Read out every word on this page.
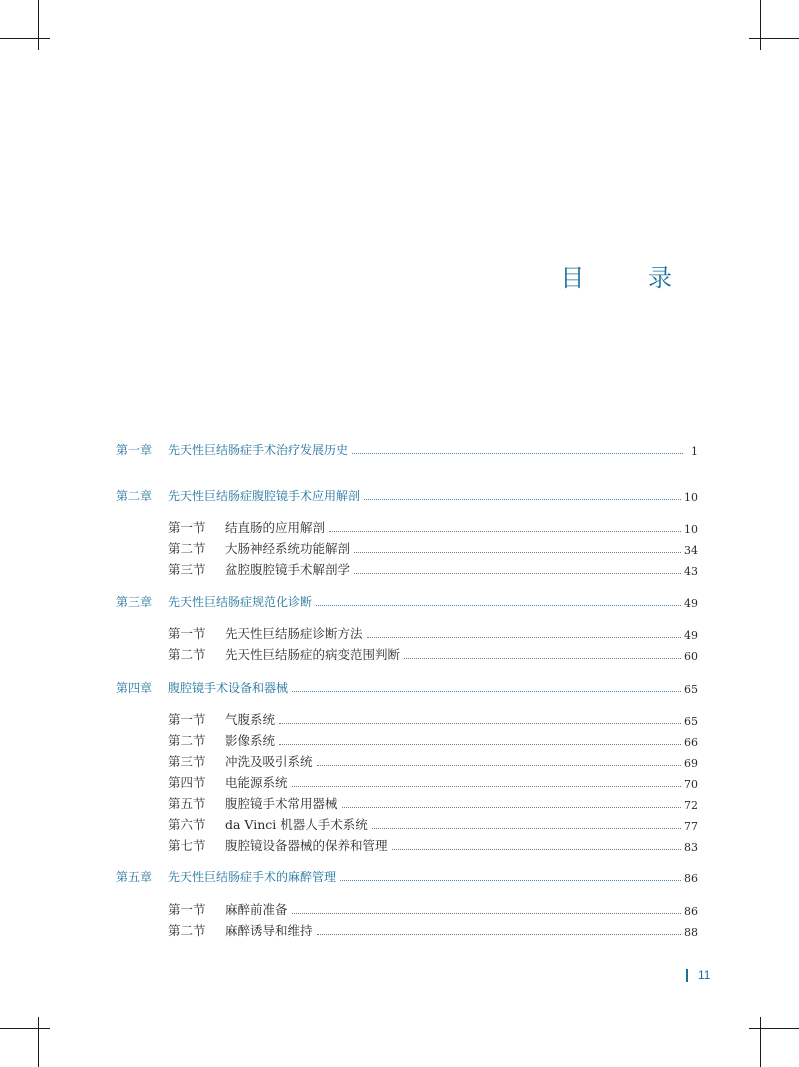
目 录
第一章	先天性巨结肠症手术治疗发展历史	1
第二章	先天性巨结肠症腹腔镜手术应用解剖	10
第一节	结直肠的应用解剖	10
第二节	大肠神经系统功能解剖	34
第三节	盆腔腹腔镜手术解剖学	43
第三章	先天性巨结肠症规范化诊断	49
第一节	先天性巨结肠症诊断方法	49
第二节	先天性巨结肠症的病变范围判断	60
第四章	腹腔镜手术设备和器械	65
第一节	气腹系统	65
第二节	影像系统	66
第三节	冲洗及吸引系统	69
第四节	电能源系统	70
第五节	腹腔镜手术常用器械	72
第六节	da Vinci 机器人手术系统	77
第七节	腹腔镜设备器械的保养和管理	83
第五章	先天性巨结肠症手术的麻醉管理	86
第一节	麻醉前准备	86
第二节	麻醉诱导和维持	88
11
